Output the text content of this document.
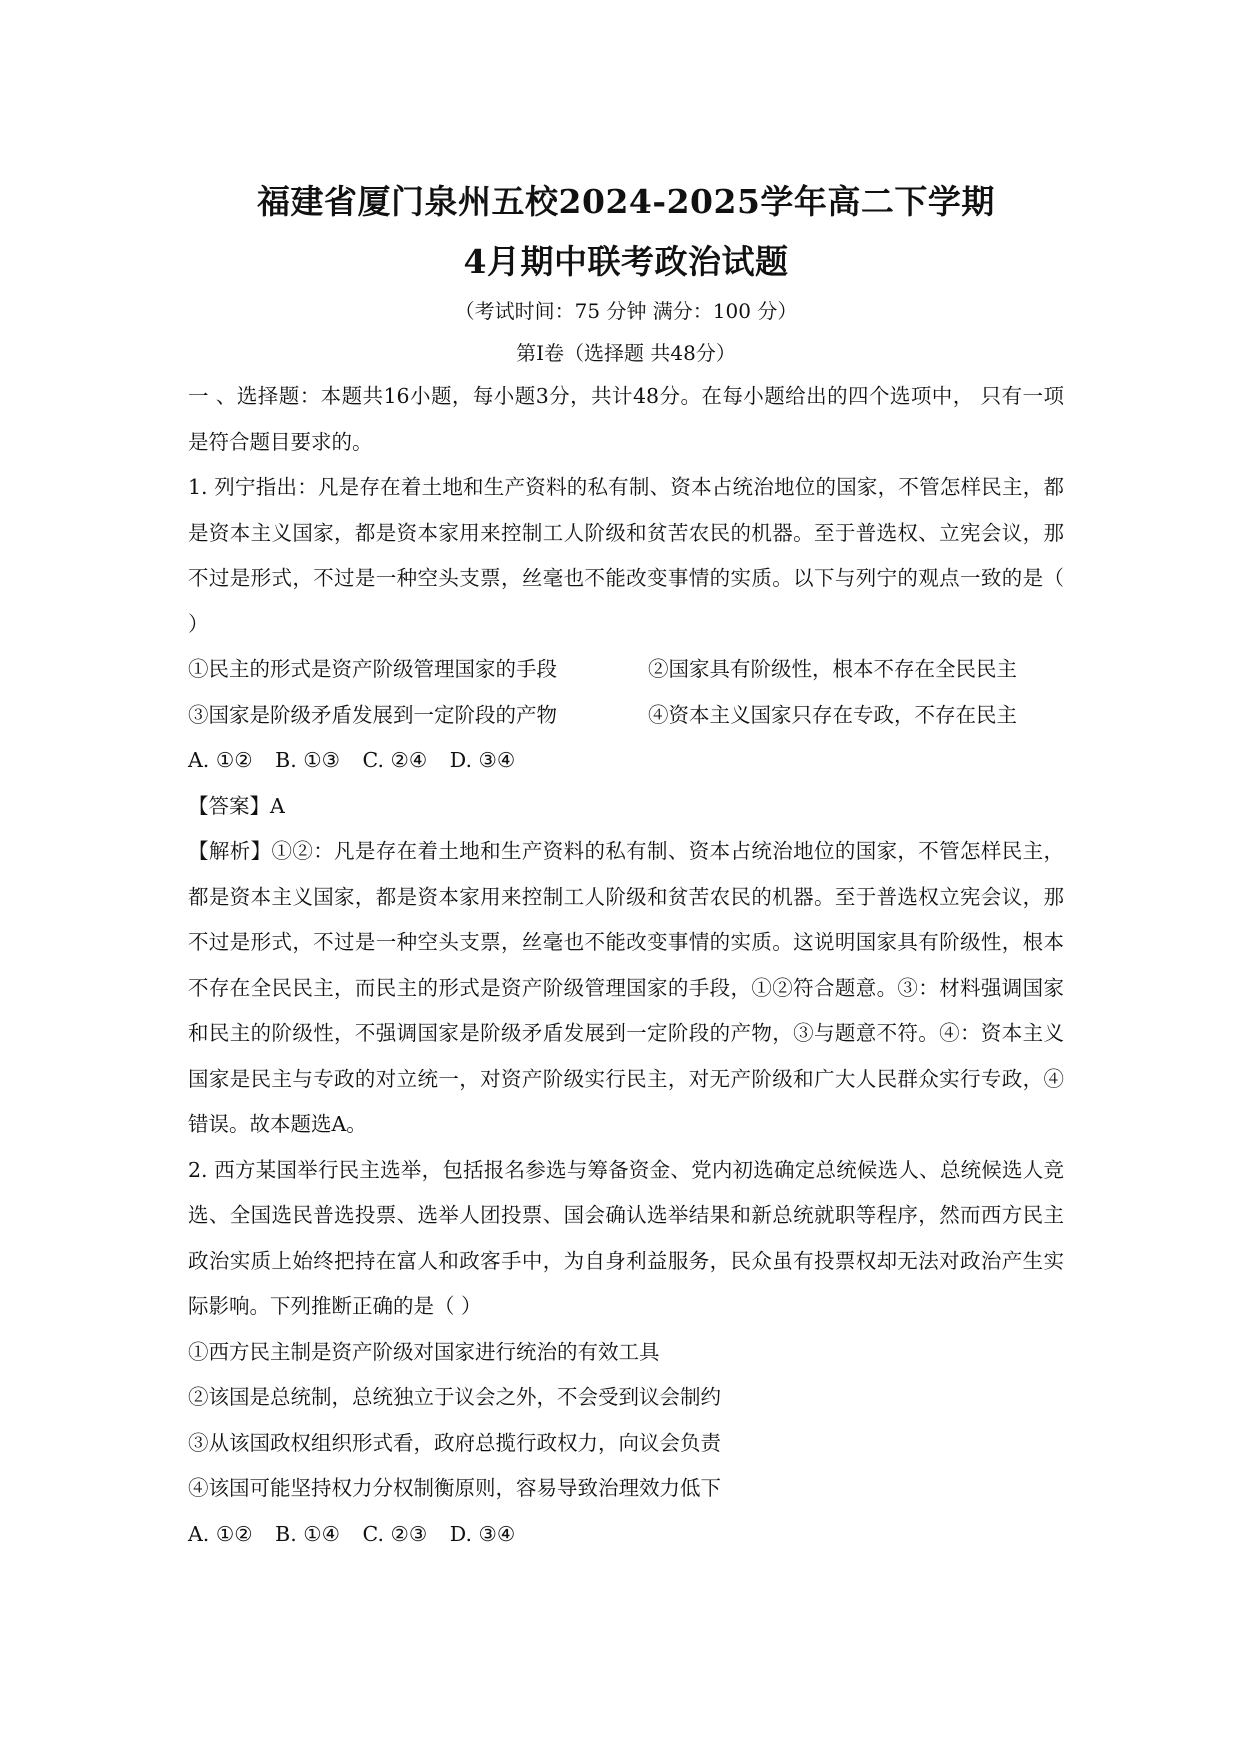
福建省厦门泉州五校2024-2025学年高二下学期
4月期中联考政治试题

（考试时间：75 分钟 满分：100 分）

第I卷（选择题 共48分）

一 、选择题：本题共16小题，每小题3分，共计48分。在每小题给出的四个选项中， 只有一项是符合题目要求的。

1. 列宁指出：凡是存在着土地和生产资料的私有制、资本占统治地位的国家，不管怎样民主，都是资本主义国家，都是资本家用来控制工人阶级和贫苦农民的机器。至于普选权、立宪会议，那不过是形式，不过是一种空头支票，丝毫也不能改变事情的实质。以下与列宁的观点一致的是（ ）

①民主的形式是资产阶级管理国家的手段	②国家具有阶级性，根本不存在全民民主
③国家是阶级矛盾发展到一定阶段的产物	④资本主义国家只存在专政，不存在民主

A. ①② B. ①③ C. ②④ D. ③④

【答案】A

【解析】①②：凡是存在着土地和生产资料的私有制、资本占统治地位的国家，不管怎样民主，都是资本主义国家，都是资本家用来控制工人阶级和贫苦农民的机器。至于普选权立宪会议，那不过是形式，不过是一种空头支票，丝毫也不能改变事情的实质。这说明国家具有阶级性，根本不存在全民民主，而民主的形式是资产阶级管理国家的手段，①②符合题意。③：材料强调国家和民主的阶级性，不强调国家是阶级矛盾发展到一定阶段的产物，③与题意不符。④：资本主义国家是民主与专政的对立统一，对资产阶级实行民主，对无产阶级和广大人民群众实行专政，④错误。故本题选A。

2. 西方某国举行民主选举，包括报名参选与筹备资金、党内初选确定总统候选人、总统候选人竞选、全国选民普选投票、选举人团投票、国会确认选举结果和新总统就职等程序，然而西方民主政治实质上始终把持在富人和政客手中，为自身利益服务，民众虽有投票权却无法对政治产生实际影响。下列推断正确的是（ ）

①西方民主制是资产阶级对国家进行统治的有效工具

②该国是总统制，总统独立于议会之外，不会受到议会制约

③从该国政权组织形式看，政府总揽行政权力，向议会负责

④该国可能坚持权力分权制衡原则，容易导致治理效力低下

A. ①② B. ①④ C. ②③ D. ③④
